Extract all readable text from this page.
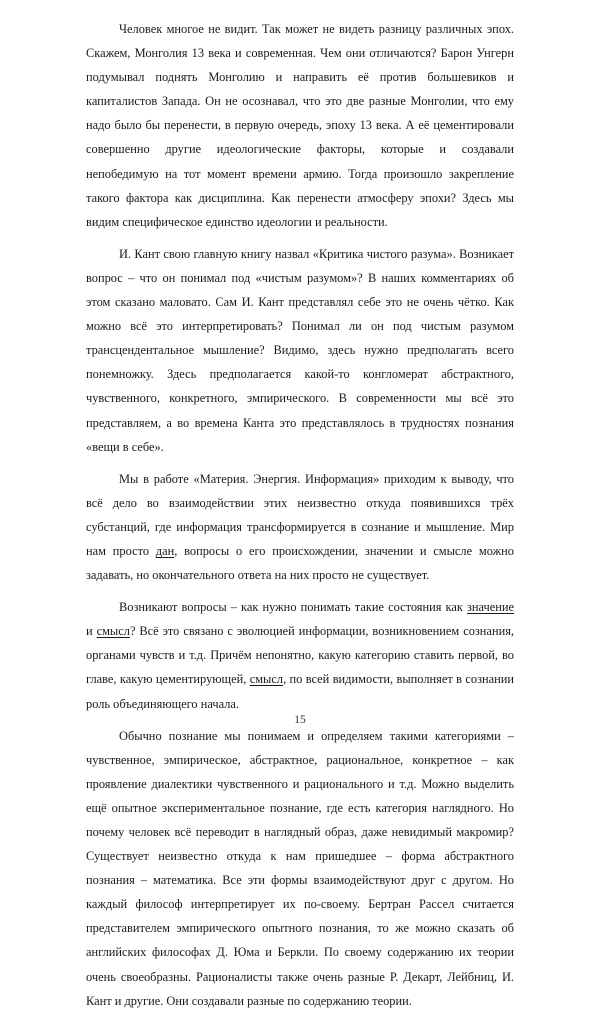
Человек многое не видит. Так может не видеть разницу различных эпох. Скажем, Монголия 13 века и современная. Чем они отличаются? Барон Унгерн подумывал поднять Монголию и направить её против большевиков и капиталистов Запада. Он не осознавал, что это две разные Монголии, что ему надо было бы перенести, в первую очередь, эпоху 13 века. А её цементировали совершенно другие идеологические факторы, которые и создавали непобедимую на тот момент времени армию. Тогда произошло закрепление такого фактора как дисциплина. Как перенести атмосферу эпохи? Здесь мы видим специфическое единство идеологии и реальности.

И. Кант свою главную книгу назвал «Критика чистого разума». Возникает вопрос – что он понимал под «чистым разумом»? В наших комментариях об этом сказано маловато. Сам И. Кант представлял себе это не очень чётко. Как можно всё это интерпретировать? Понимал ли он под чистым разумом трансцендентальное мышление? Видимо, здесь нужно предполагать всего понемножку. Здесь предполагается какой-то конгломерат абстрактного, чувственного, конкретного, эмпирического. В современности мы всё это представляем, а во времена Канта это представлялось в трудностях познания «вещи в себе».

Мы в работе «Материя. Энергия. Информация» приходим к выводу, что всё дело во взаимодействии этих неизвестно откуда появившихся трёх субстанций, где информация трансформируется в сознание и мышление. Мир нам просто дан, вопросы о его происхождении, значении и смысле можно задавать, но окончательного ответа на них просто не существует.

Возникают вопросы – как нужно понимать такие состояния как значение и смысл? Всё это связано с эволюцией информации, возникновением сознания, органами чувств и т.д. Причём непонятно, какую категорию ставить первой, во главе, какую цементирующей, смысл, по всей видимости, выполняет в сознании роль объединяющего начала.

Обычно познание мы понимаем и определяем такими категориями – чувственное, эмпирическое, абстрактное, рациональное, конкретное – как проявление диалектики чувственного и рационального и т.д. Можно выделить ещё опытное экспериментальное познание, где есть категория наглядного. Но почему человек всё переводит в наглядный образ, даже невидимый макромир? Существует неизвестно откуда к нам пришедшее – форма абстрактного познания – математика. Все эти формы взаимодействуют друг с другом. Но каждый философ интерпретирует их по-своему. Бертран Рассел считается представителем эмпирического опытного познания, то же можно сказать об английских философах Д. Юма и Беркли. По своему содержанию их теории очень своеобразны. Рационалисты также очень разные Р. Декарт, Лейбниц, И. Кант и другие. Они создавали разные по содержанию теории.

15
